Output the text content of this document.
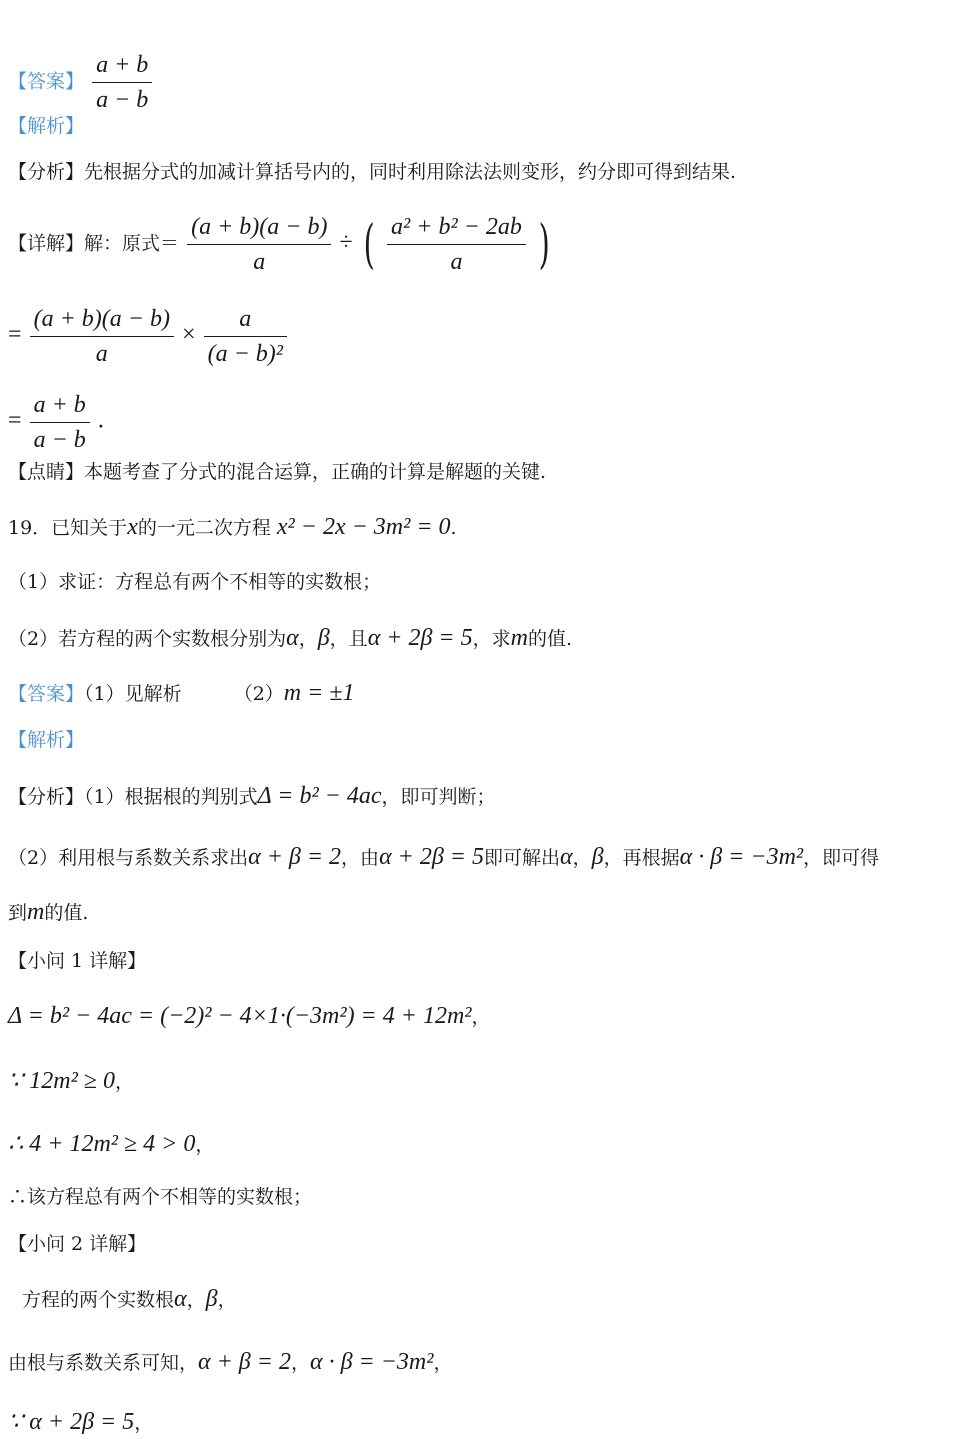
【答案】 $\frac{a + b}{a - b}$
【解析】
【分析】先根据分式的加减计算括号内的，同时利用除法法则变形，约分即可得到结果.
【详解】解：原式＝ $\frac{(a + b)(a - b)}{a}$ ÷ ( $\frac{\text{a² + b² − 2ab}}{a}$ )
= $\frac{(a + b)(a - b)}{a} \times \frac{a}{\text{(a − b)²}}$
= $\frac{a + b}{a - b}$ .
【点睛】本题考查了分式的混合运算，正确的计算是解题的关键.
19．已知关于x的一元二次方程 x² − 2x − 3m² = 0.
（1）求证：方程总有两个不相等的实数根；
（2）若方程的两个实数根分别为α，β，且α + 2β = 5，求m的值.
【答案】（1）见解析	（2）m = ±1
【解析】
【分析】（1）根据根的判别式Δ = b² − 4ac，即可判断；
（2）利用根与系数关系求出α + β = 2，由α + 2β = 5即可解出α，β，再根据α · β = −3m²，即可得
到m的值.
【小问 1 详解】
Δ = b² − 4ac = (−2)² − 4×1·(−3m²) = 4 + 12m²，
∵ 12m² ≥ 0，
∴ 4 + 12m² ≥ 4 > 0，
∴该方程总有两个不相等的实数根；
【小问 2 详解】
方程的两个实数根α，β，
由根与系数关系可知，α + β = 2，α · β = −3m²，
∵ α + 2β = 5，
